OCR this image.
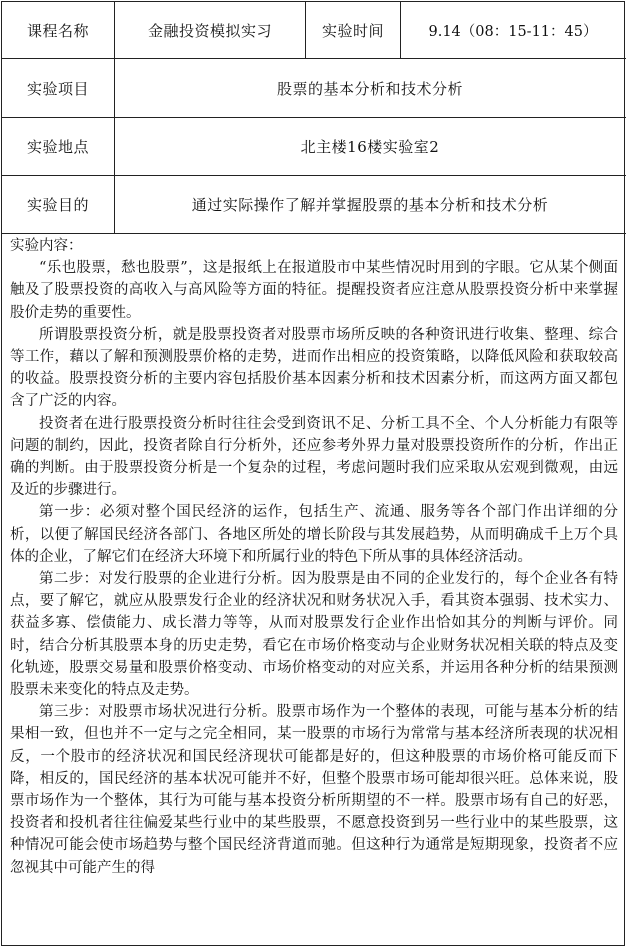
课程名称	金融投资模拟实习	实验时间	9.14（08：15-11：45）
实验项目	股票的基本分析和技术分析
实验地点	北主楼16楼实验室2
实验目的	通过实际操作了解并掌握股票的基本分析和技术分析
实验内容：

“乐也股票，愁也股票”，这是报纸上在报道股市中某些情况时用到的字眼。它从某个侧面触及了股票投资的高收入与高风险等方面的特征。提醒投资者应注意从股票投资分析中来掌握股价走势的重要性。

所谓股票投资分析，就是股票投资者对股票市场所反映的各种资讯进行收集、整理、综合等工作，藉以了解和预测股票价格的走势，进而作出相应的投资策略，以降低风险和获取较高的收益。股票投资分析的主要内容包括股价基本因素分析和技术因素分析，而这两方面又都包含了广泛的内容。

投资者在进行股票投资分析时往往会受到资讯不足、分析工具不全、个人分析能力有限等问题的制约，因此，投资者除自行分析外，还应参考外界力量对股票投资所作的分析，作出正确的判断。由于股票投资分析是一个复杂的过程，考虑问题时我们应采取从宏观到微观，由远及近的步骤进行。

第一步：必须对整个国民经济的运作，包括生产、流通、服务等各个部门作出详细的分析，以便了解国民经济各部门、各地区所处的增长阶段与其发展趋势，从而明确成千上万个具体的企业，了解它们在经济大环境下和所属行业的特色下所从事的具体经济活动。

第二步：对发行股票的企业进行分析。因为股票是由不同的企业发行的，每个企业各有特点，要了解它，就应从股票发行企业的经济状况和财务状况入手，看其资本强弱、技术实力、获益多寡、偿债能力、成长潜力等等，从而对股票发行企业作出恰如其分的判断与评价。同时，结合分析其股票本身的历史走势，看它在市场价格变动与企业财务状况相关联的特点及变化轨迹，股票交易量和股票价格变动、市场价格变动的对应关系，并运用各种分析的结果预测股票未来变化的特点及走势。

第三步：对股票市场状况进行分析。股票市场作为一个整体的表现，可能与基本分析的结果相一致，但也并不一定与之完全相同，某一股票的市场行为常常与基本经济所表现的状况相反，一个股市的经济状况和国民经济现状可能都是好的，但这种股票的市场价格可能反而下降，相反的，国民经济的基本状况可能并不好，但整个股票市场可能却很兴旺。总体来说，股票市场作为一个整体，其行为可能与基本投资分析所期望的不一样。股票市场有自己的好恶，投资者和投机者往往偏爱某些行业中的某些股票，不愿意投资到另一些行业中的某些股票，这种情况可能会使市场趋势与整个国民经济背道而驰。但这种行为通常是短期现象，投资者不应忽视其中可能产生的得
